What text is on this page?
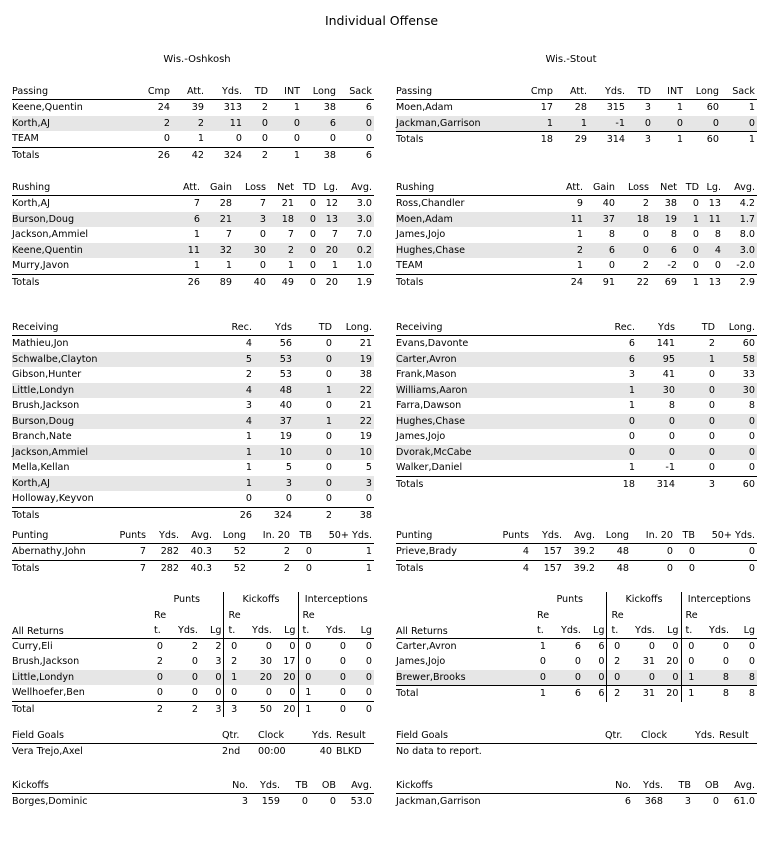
Individual Offense
Wis.-Oshkosh	Wis.-Stout
Passing	Cmp	Att.	Yds.	TD	INT	Long	Sack
Keene,Quentin	24	39	313	2	1	38	6
Korth,AJ	2	2	11	0	0	6	0
TEAM	0	1	0	0	0	0	0
Totals	26	42	324	2	1	38	6
Rushing	Att.	Gain	Loss	Net	TD	Lg.	Avg.
Korth,AJ	7	28	7	21	0	12	3.0
Burson,Doug	6	21	3	18	0	13	3.0
Jackson,Ammiel	1	7	0	7	0	7	7.0
Keene,Quentin	11	32	30	2	0	20	0.2
Murry,Javon	1	1	0	1	0	1	1.0
Totals	26	89	40	49	0	20	1.9
Receiving	Rec.	Yds	TD	Long.
Mathieu,Jon	4	56	0	21
Schwalbe,Clayton	5	53	0	19
Gibson,Hunter	2	53	0	38
Little,Londyn	4	48	1	22
Brush,Jackson	3	40	0	21
Burson,Doug	4	37	1	22
Branch,Nate	1	19	0	19
Jackson,Ammiel	1	10	0	10
Mella,Kellan	1	5	0	5
Korth,AJ	1	3	0	3
Holloway,Keyvon	0	0	0	0
Totals	26	324	2	38
Punting	Punts	Yds.	Avg.	Long	In. 20	TB	50+ Yds.
Abernathy,John	7	282	40.3	52	2	0	1
Totals	7	282	40.3	52	2	0	1
	Punts			Kickoffs			Interceptions		
All Returns	Re t.	Yds.	Lg	Re t.	Yds.	Lg	Re t.	Yds.	Lg
Curry,Eli	0	2	2	0	0	0	0	0	0
Brush,Jackson	2	0	3	2	30	17	0	0	0
Little,Londyn	0	0	0	1	20	20	0	0	0
Wellhoefer,Ben	0	0	0	0	0	0	1	0	0
Total	2	2	3	3	50	20	1	0	0
Field Goals	Qtr.	Clock	Yds.	Result
Vera Trejo,Axel	2nd	00:00	40	BLKD
Kickoffs	No.	Yds.	TB	OB	Avg.
Borges,Dominic	3	159	0	0	53.0
Passing	Cmp	Att.	Yds.	TD	INT	Long	Sack
Moen,Adam	17	28	315	3	1	60	1
Jackman,Garrison	1	1	-1	0	0	0	0
Totals	18	29	314	3	1	60	1
Rushing	Att.	Gain	Loss	Net	TD	Lg.	Avg.
Ross,Chandler	9	40	2	38	0	13	4.2
Moen,Adam	11	37	18	19	1	11	1.7
James,Jojo	1	8	0	8	0	8	8.0
Hughes,Chase	2	6	0	6	0	4	3.0
TEAM	1	0	2	-2	0	0	-2.0
Totals	24	91	22	69	1	13	2.9
Receiving	Rec.	Yds	TD	Long.
Evans,Davonte	6	141	2	60
Carter,Avron	6	95	1	58
Frank,Mason	3	41	0	33
Williams,Aaron	1	30	0	30
Farra,Dawson	1	8	0	8
Hughes,Chase	0	0	0	0
James,Jojo	0	0	0	0
Dvorak,McCabe	0	0	0	0
Walker,Daniel	1	-1	0	0
Totals	18	314	3	60
Punting	Punts	Yds.	Avg.	Long	In. 20	TB	50+ Yds.
Prieve,Brady	4	157	39.2	48	0	0	0
Totals	4	157	39.2	48	0	0	0
	Punts			Kickoffs			Interceptions		
All Returns	Re t.	Yds.	Lg	Re t.	Yds.	Lg	Re t.	Yds.	Lg
Carter,Avron	1	6	6	0	0	0	0	0	0
James,Jojo	0	0	0	2	31	20	0	0	0
Brewer,Brooks	0	0	0	0	0	0	1	8	8
Total	1	6	6	2	31	20	1	8	8
Field Goals	Qtr.	Clock	Yds.	Result
No data to report.
Kickoffs	No.	Yds.	TB	OB	Avg.
Jackman,Garrison	6	368	3	0	61.0
